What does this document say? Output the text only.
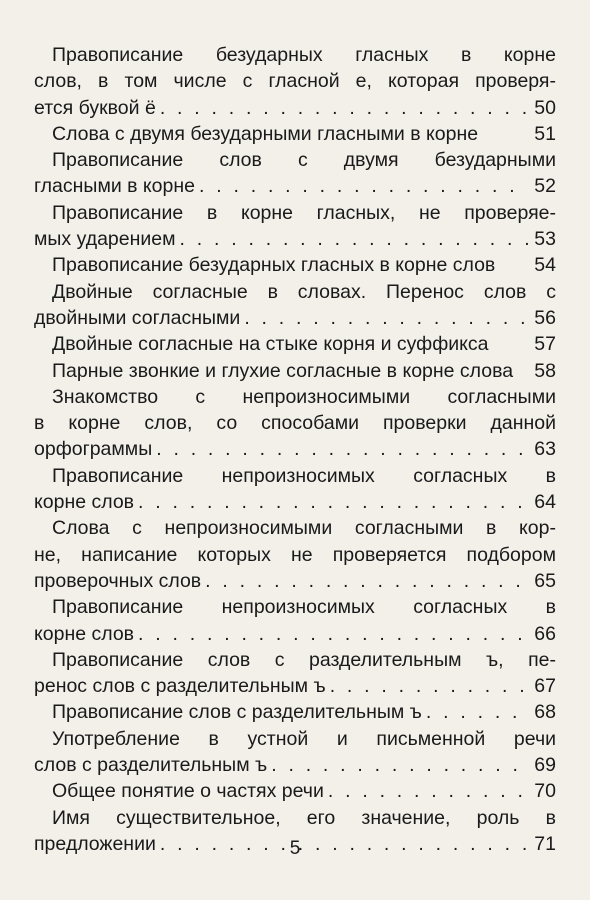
Правописание безударных гласных в корне
слов, в том числе с гласной е, которая проверя-
ется буквой ё . . .	50
Слова с двумя безударными гласными в корне	51
Правописание слов с двумя безударными
гласными в корне . . .	52
Правописание в корне гласных, не проверяе-
мых ударением . . .	53
Правописание безударных гласных в корне слов 54
Двойные согласные в словах. Перенос слов с
двойными согласными . . .	56
Двойные согласные на стыке корня и суффикса 57
Парные звонкие и глухие согласные в корне слова 58
Знакомство с непроизносимыми согласными
в корне слов, со способами проверки данной
орфограммы . . .	63
Правописание непроизносимых согласных в
корне слов . . .	64
Слова с непроизносимыми согласными в кор-
не, написание которых не проверяется подбором
проверочных слов . . .	65
Правописание непроизносимых согласных в
корне слов . . .	66
Правописание слов с разделительным ъ, пе-
ренос слов с разделительным ъ . . .	67
Правописание слов с разделительным ъ . . .	68
Употребление в устной и письменной речи
слов с разделительным ъ . . .	69
Общее понятие о частях речи . . .	70
Имя существительное, его значение, роль в
предложении . . .	71
5
